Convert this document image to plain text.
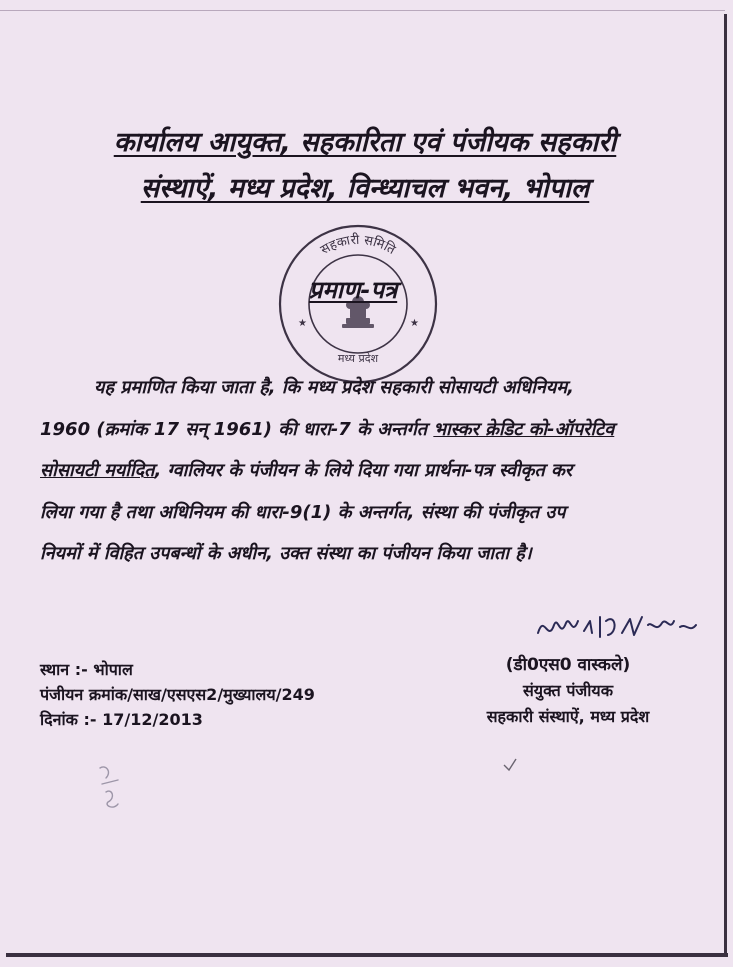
कार्यालय आयुक्त, सहकारिता एवं पंजीयक सहकारी
संस्थाऐं, मध्य प्रदेश, विन्ध्याचल भवन, भोपाल
सहकारी समिति
मध्य प्रदेश
★	★
प्रमाण-पत्र
यह प्रमाणित किया जाता है, कि मध्य प्रदेश सहकारी सोसायटी अधिनियम,
1960 (क्रमांक 17 सन् 1961) की धारा-7 के अन्तर्गत भास्कर क्रेडिट को-ऑपरेटिव
सोसायटी मर्यादित, ग्वालियर के पंजीयन के लिये दिया गया प्रार्थना-पत्र स्वीकृत कर
लिया गया है तथा अधिनियम की धारा-9(1) के अन्तर्गत, संस्था की पंजीकृत उप
नियमों में विहित उपबन्धों के अधीन, उक्त संस्था का पंजीयन किया जाता है।
स्थान :- भोपाल
पंजीयन क्रमांक/साख/एसएस2/मुख्यालय/249
दिनांक :- 17/12/2013
(डी0एस0 वास्कले)
संयुक्त पंजीयक
सहकारी संस्थाऐं, मध्य प्रदेश
